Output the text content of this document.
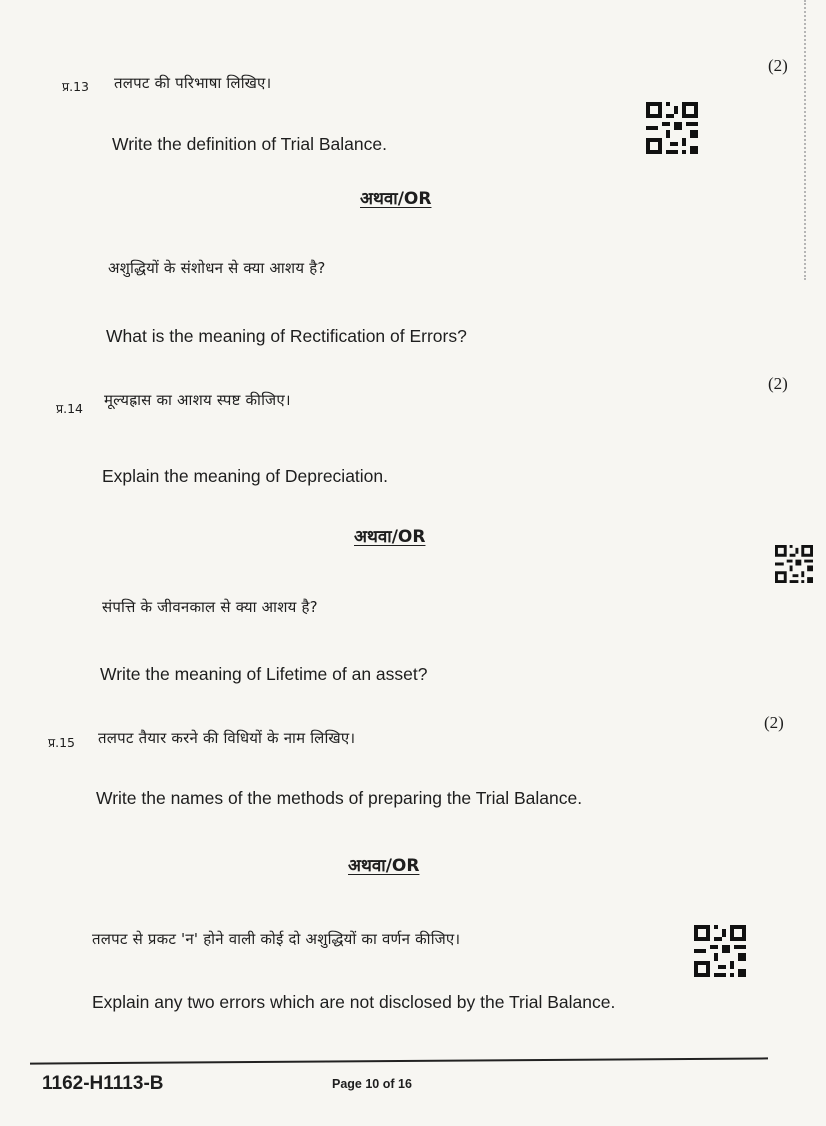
प्र.13 तलपट की परिभाषा लिखिए।
(2)
Write the definition of Trial Balance.
अथवा/OR
अशुद्धियों के संशोधन से क्या आशय है?
What is the meaning of Rectification of Errors?
प्र.14 मूल्यह्रास का आशय स्पष्ट कीजिए।
(2)
Explain the meaning of Depreciation.
अथवा/OR
संपत्ति के जीवनकाल से क्या आशय है?
Write the meaning of Lifetime of an asset?
प्र.15 तलपट तैयार करने की विधियों के नाम लिखिए।
(2)
Write the names of the methods of preparing the Trial Balance.
अथवा/OR
तलपट से प्रकट 'न' होने वाली कोई दो अशुद्धियों का वर्णन कीजिए।
Explain any two errors which are not disclosed by the Trial Balance.
1162-H1113-B	Page 10 of 16
